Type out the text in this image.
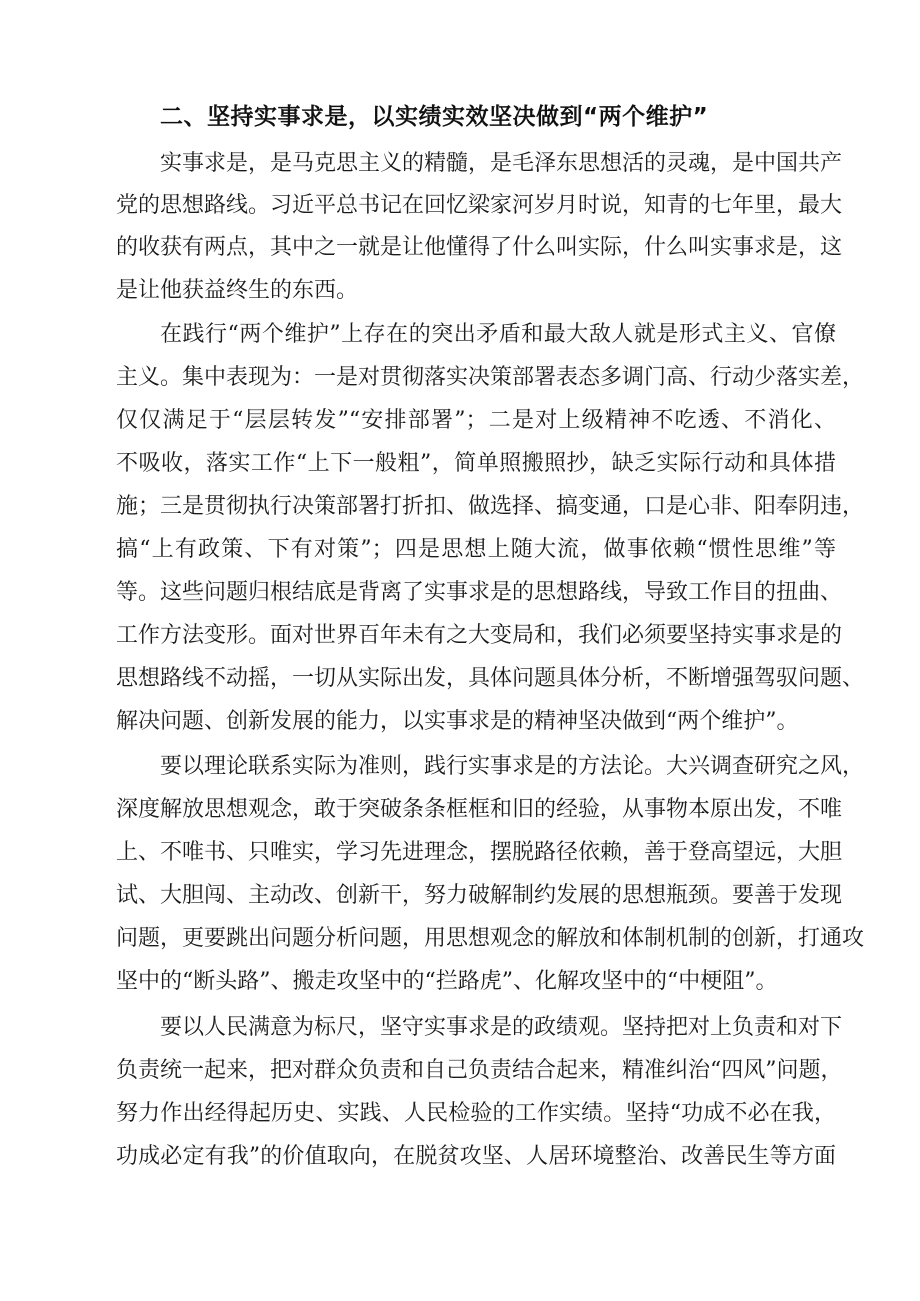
二、坚持实事求是，以实绩实效坚决做到“两个维护”
实事求是，是马克思主义的精髓，是毛泽东思想活的灵魂，是中国共产
党的思想路线。习近平总书记在回忆梁家河岁月时说，知青的七年里，最大
的收获有两点，其中之一就是让他懂得了什么叫实际，什么叫实事求是，这
是让他获益终生的东西。
在践行“两个维护”上存在的突出矛盾和最大敌人就是形式主义、官僚
主义。集中表现为：一是对贯彻落实决策部署表态多调门高、行动少落实差，
仅仅满足于“层层转发”“安排部署”；二是对上级精神不吃透、不消化、
不吸收，落实工作“上下一般粗”，简单照搬照抄，缺乏实际行动和具体措
施；三是贯彻执行决策部署打折扣、做选择、搞变通，口是心非、阳奉阴违，
搞“上有政策、下有对策”；四是思想上随大流，做事依赖“惯性思维”等
等。这些问题归根结底是背离了实事求是的思想路线，导致工作目的扭曲、
工作方法变形。面对世界百年未有之大变局和，我们必须要坚持实事求是的
思想路线不动摇，一切从实际出发，具体问题具体分析，不断增强驾驭问题、
解决问题、创新发展的能力，以实事求是的精神坚决做到“两个维护”。
要以理论联系实际为准则，践行实事求是的方法论。大兴调查研究之风，
深度解放思想观念，敢于突破条条框框和旧的经验，从事物本原出发，不唯
上、不唯书、只唯实，学习先进理念，摆脱路径依赖，善于登高望远，大胆
试、大胆闯、主动改、创新干，努力破解制约发展的思想瓶颈。要善于发现
问题，更要跳出问题分析问题，用思想观念的解放和体制机制的创新，打通攻
坚中的“断头路”、搬走攻坚中的“拦路虎”、化解攻坚中的“中梗阻”。
要以人民满意为标尺，坚守实事求是的政绩观。坚持把对上负责和对下
负责统一起来，把对群众负责和自己负责结合起来，精准纠治“四风”问题，
努力作出经得起历史、实践、人民检验的工作实绩。坚持“功成不必在我，
功成必定有我”的价值取向，在脱贫攻坚、人居环境整治、改善民生等方面
